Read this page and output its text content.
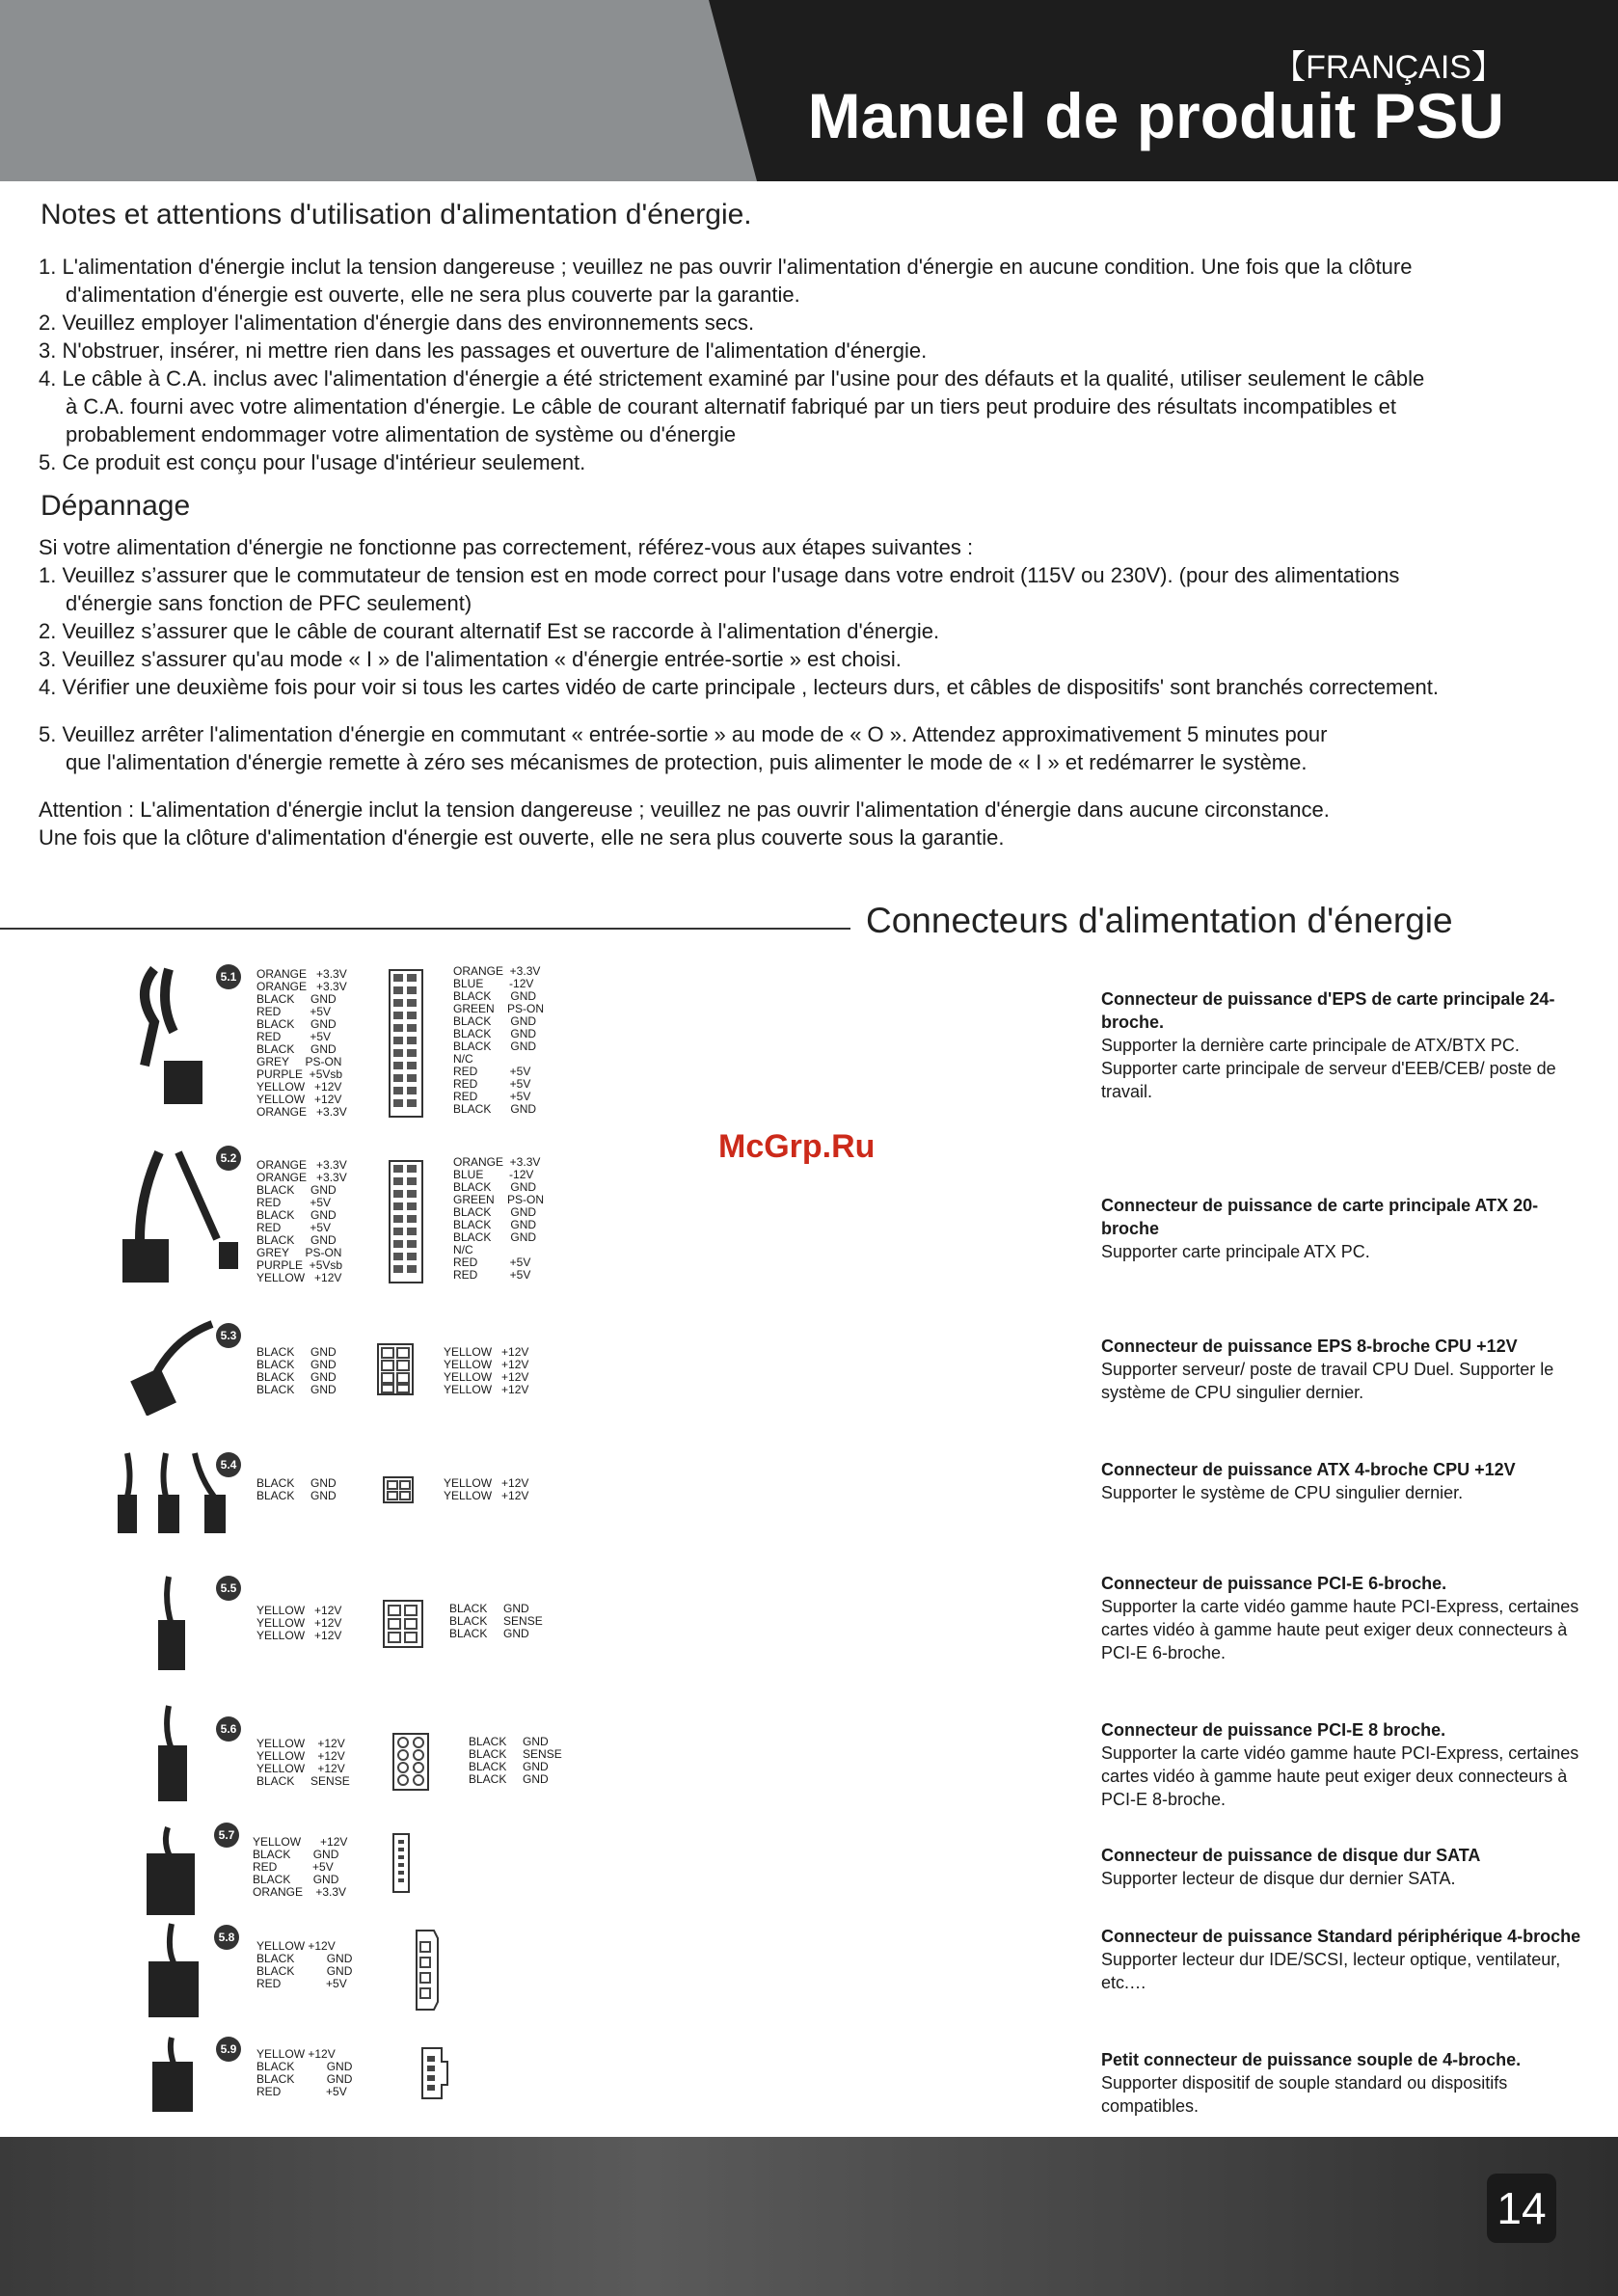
【FRANÇAIS】
Manuel de produit PSU
Notes et attentions d'utilisation d'alimentation d'énergie.

1. L'alimentation d'énergie inclut la tension dangereuse ; veuillez ne pas ouvrir l'alimentation d'énergie en aucune condition. Une fois que la clôture

d'alimentation d'énergie est ouverte, elle ne sera plus couverte par la garantie.

2. Veuillez employer l'alimentation d'énergie dans des environnements secs.

3. N'obstruer, insérer, ni mettre rien dans les passages et ouverture de l'alimentation d'énergie.

4. Le câble à C.A. inclus avec l'alimentation d'énergie a été strictement examiné par l'usine pour des défauts et la qualité, utiliser seulement le câble

à C.A. fourni avec votre alimentation d'énergie. Le câble de courant alternatif fabriqué par un tiers peut produire des résultats incompatibles et

probablement endommager votre alimentation de système ou d'énergie

5. Ce produit est conçu pour l'usage d'intérieur seulement.

Dépannage

Si votre alimentation d'énergie ne fonctionne pas correctement, référez-vous aux étapes suivantes :

1. Veuillez s’assurer que le commutateur de tension est en mode correct pour l'usage dans votre endroit (115V ou 230V). (pour des alimentations

d'énergie sans fonction de PFC seulement)

2. Veuillez s’assurer que le câble de courant alternatif Est se raccorde à l'alimentation d'énergie.

3. Veuillez s'assurer qu'au mode « I » de l'alimentation « d'énergie entrée-sortie » est choisi.

4. Vérifier une deuxième fois pour voir si tous les cartes vidéo de carte principale , lecteurs durs, et câbles de dispositifs' sont branchés correctement.

5. Veuillez arrêter l'alimentation d'énergie en commutant « entrée-sortie » au mode de « O ». Attendez approximativement 5 minutes pour

que l'alimentation d'énergie remette à zéro ses mécanismes de protection, puis alimenter le mode de « I » et redémarrer le système.

Attention : L'alimentation d'énergie inclut la tension dangereuse ; veuillez ne pas ouvrir l'alimentation d'énergie dans aucune circonstance.

Une fois que la clôture d'alimentation d'énergie est ouverte, elle ne sera plus couverte sous la garantie.

Connecteurs d'alimentation d'énergie
McGrp.Ru
5.1	ORANGE   +3.3V
ORANGE   +3.3V
BLACK     GND
RED         +5V
BLACK     GND
RED         +5V
BLACK     GND
GREY     PS-ON
PURPLE  +5Vsb
YELLOW   +12V
YELLOW   +12V
ORANGE   +3.3V
ORANGE  +3.3V
BLUE        -12V
BLACK      GND
GREEN    PS-ON
BLACK      GND
BLACK      GND
BLACK      GND
N/C
RED          +5V
RED          +5V
RED          +5V
BLACK      GND
Connecteur de puissance d'EPS de carte principale 24-broche.
Supporter la dernière carte principale de ATX/BTX PC. Supporter carte principale de serveur d'EEB/CEB/ poste de travail.
5.2	ORANGE   +3.3V
ORANGE   +3.3V
BLACK     GND
RED         +5V
BLACK     GND
RED         +5V
BLACK     GND
GREY     PS-ON
PURPLE  +5Vsb
YELLOW   +12V
ORANGE  +3.3V
BLUE        -12V
BLACK      GND
GREEN    PS-ON
BLACK      GND
BLACK      GND
BLACK      GND
N/C
RED          +5V
RED          +5V
Connecteur de puissance de carte principale ATX 20-broche
Supporter carte principale ATX PC.
5.3
BLACK     GND
BLACK     GND
BLACK     GND
BLACK     GND
YELLOW   +12V
YELLOW   +12V
YELLOW   +12V
YELLOW   +12V
Connecteur de puissance EPS 8-broche CPU +12V
Supporter serveur/ poste de travail CPU Duel. Supporter le système de CPU singulier dernier.
5.4
BLACK     GND
BLACK     GND
YELLOW   +12V
YELLOW   +12V
Connecteur de puissance ATX 4-broche CPU +12V
Supporter le système de CPU singulier dernier.
5.5
YELLOW   +12V
YELLOW   +12V
YELLOW   +12V
BLACK     GND
BLACK     SENSE
BLACK     GND
Connecteur de puissance PCI-E 6-broche.
Supporter la carte vidéo gamme haute PCI-Express, certaines cartes vidéo à gamme haute peut exiger deux connecteurs à PCI-E 6-broche.
5.6
YELLOW    +12V
YELLOW    +12V
YELLOW    +12V
BLACK     SENSE
BLACK     GND
BLACK     SENSE
BLACK     GND
BLACK     GND
Connecteur de puissance PCI-E 8 broche.
Supporter la carte vidéo gamme haute PCI-Express, certaines cartes vidéo à gamme haute peut exiger deux connecteurs à PCI-E 8-broche.
5.7	YELLOW      +12V
BLACK       GND
RED           +5V
BLACK       GND
ORANGE    +3.3V
Connecteur de puissance de disque dur SATA
Supporter lecteur de disque dur dernier SATA.
5.8
YELLOW +12V
BLACK          GND
BLACK          GND
RED              +5V
Connecteur de puissance Standard périphérique 4-broche
Supporter lecteur dur IDE/SCSI, lecteur optique, ventilateur, etc.…
5.9	YELLOW +12V
BLACK          GND
BLACK          GND
RED              +5V
Petit connecteur de puissance souple de 4-broche.
Supporter dispositif de souple standard ou dispositifs compatibles.
14
